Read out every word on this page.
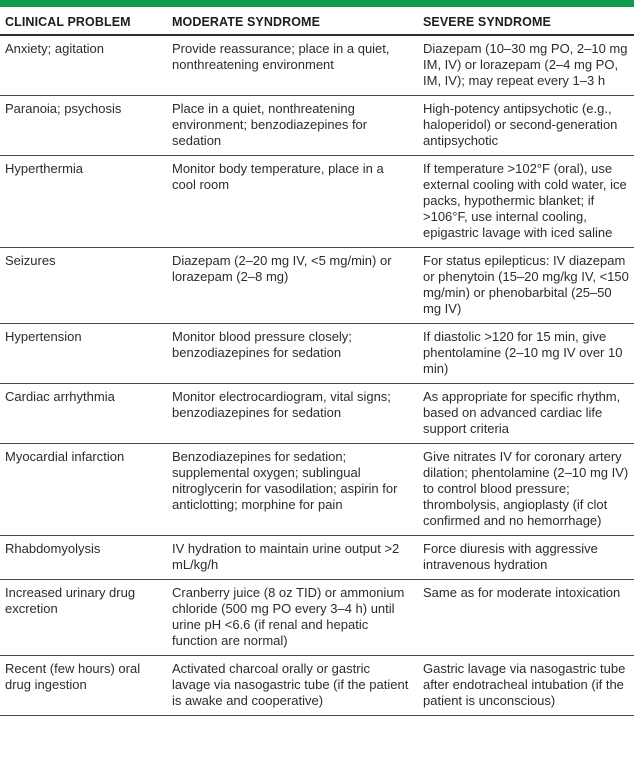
CLINICAL PROBLEM	MODERATE SYNDROME	SEVERE SYNDROME
Anxiety; agitation	Provide reassurance; place in a quiet, nonthreatening environment	Diazepam (10–30 mg PO, 2–10 mg IM, IV) or lorazepam (2–4 mg PO, IM, IV); may repeat every 1–3 h
Paranoia; psychosis	Place in a quiet, nonthreatening environment; benzodiazepines for sedation	High-potency antipsychotic (e.g., haloperidol) or second-generation antipsychotic
Hyperthermia	Monitor body temperature, place in a cool room	If temperature >102°F (oral), use external cooling with cold water, ice packs, hypothermic blanket; if >106°F, use internal cooling, epigastric lavage with iced saline
Seizures	Diazepam (2–20 mg IV, <5 mg/min) or lorazepam (2–8 mg)	For status epilepticus: IV diazepam or phenytoin (15–20 mg/kg IV, <150 mg/min) or phenobarbital (25–50 mg IV)
Hypertension	Monitor blood pressure closely; benzodiazepines for sedation	If diastolic >120 for 15 min, give phentolamine (2–10 mg IV over 10 min)
Cardiac arrhythmia	Monitor electrocardiogram, vital signs; benzodiazepines for sedation	As appropriate for specific rhythm, based on advanced cardiac life support criteria
Myocardial infarction	Benzodiazepines for sedation; supplemental oxygen; sublingual nitroglycerin for vasodilation; aspirin for anticlotting; morphine for pain	Give nitrates IV for coronary artery dilation; phentolamine (2–10 mg IV) to control blood pressure; thrombolysis, angioplasty (if clot confirmed and no hemorrhage)
Rhabdomyolysis	IV hydration to maintain urine output >2 mL/kg/h	Force diuresis with aggressive intravenous hydration
Increased urinary drug excretion	Cranberry juice (8 oz TID) or ammonium chloride (500 mg PO every 3–4 h) until urine pH <6.6 (if renal and hepatic function are normal)	Same as for moderate intoxication
Recent (few hours) oral drug ingestion	Activated charcoal orally or gastric lavage via nasogastric tube (if the patient is awake and cooperative)	Gastric lavage via nasogastric tube after endotracheal intubation (if the patient is unconscious)
